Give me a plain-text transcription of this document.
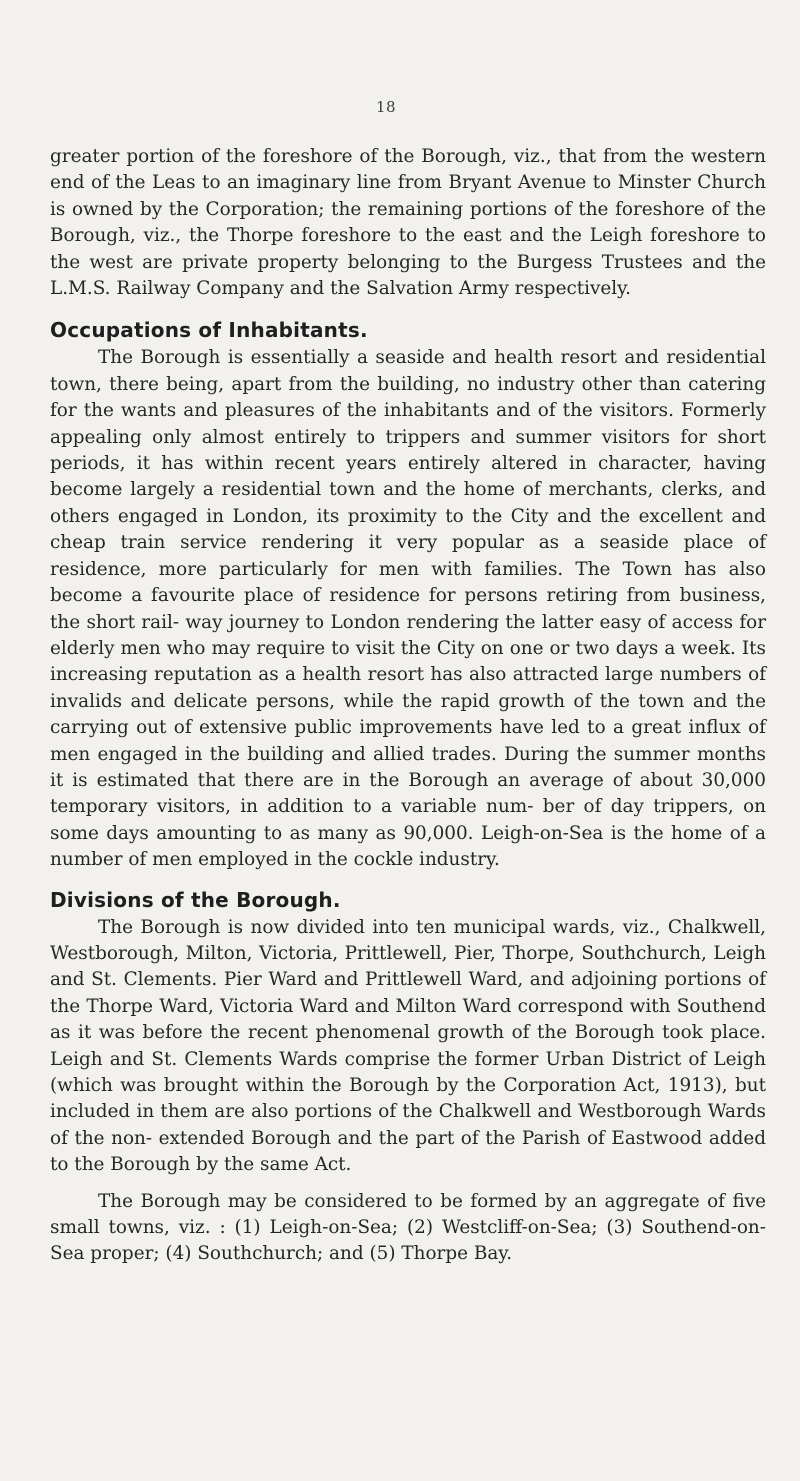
18

greater portion of the foreshore of the Borough, viz., that from the western end of the Leas to an imaginary line from Bryant Avenue to Minster Church is owned by the Corporation; the remaining portions of the foreshore of the Borough, viz., the Thorpe foreshore to the east and the Leigh foreshore to the west are private property belonging to the Burgess Trustees and the L.M.S. Railway Company and the Salvation Army respectively.

Occupations of Inhabitants.

The Borough is essentially a seaside and health resort and residential town, there being, apart from the building, no industry other than catering for the wants and pleasures of the inhabitants and of the visitors. Formerly appealing only almost entirely to trippers and summer visitors for short periods, it has within recent years entirely altered in character, having become largely a residential town and the home of merchants, clerks, and others engaged in London, its proximity to the City and the excellent and cheap train service rendering it very popular as a seaside place of residence, more particularly for men with families. The Town has also become a favourite place of residence for persons retiring from business, the short rail- way journey to London rendering the latter easy of access for elderly men who may require to visit the City on one or two days a week. Its increasing reputation as a health resort has also attracted large numbers of invalids and delicate persons, while the rapid growth of the town and the carrying out of extensive public improvements have led to a great influx of men engaged in the building and allied trades. During the summer months it is estimated that there are in the Borough an average of about 30,000 temporary visitors, in addition to a variable num- ber of day trippers, on some days amounting to as many as 90,000. Leigh-on-Sea is the home of a number of men employed in the cockle industry.

Divisions of the Borough.

The Borough is now divided into ten municipal wards, viz., Chalkwell, Westborough, Milton, Victoria, Prittlewell, Pier, Thorpe, Southchurch, Leigh and St. Clements. Pier Ward and Prittlewell Ward, and adjoining portions of the Thorpe Ward, Victoria Ward and Milton Ward correspond with Southend as it was before the recent phenomenal growth of the Borough took place. Leigh and St. Clements Wards comprise the former Urban District of Leigh (which was brought within the Borough by the Corporation Act, 1913), but included in them are also portions of the Chalkwell and Westborough Wards of the non- extended Borough and the part of the Parish of Eastwood added to the Borough by the same Act.

The Borough may be considered to be formed by an aggregate of five small towns, viz. : (1) Leigh-on-Sea; (2) Westcliff-on-Sea; (3) Southend-on-Sea proper; (4) Southchurch; and (5) Thorpe Bay.
